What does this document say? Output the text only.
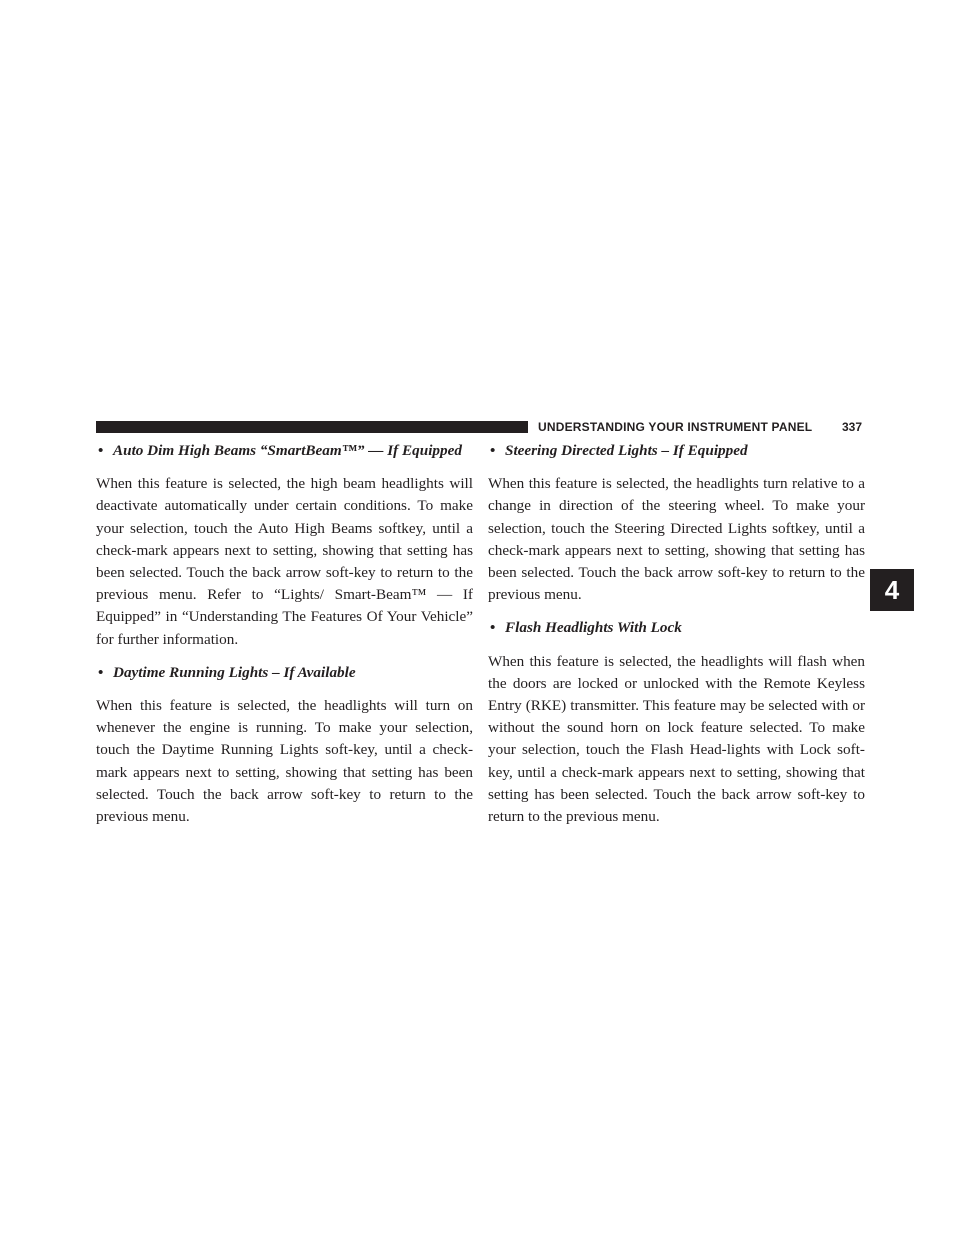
UNDERSTANDING YOUR INSTRUMENT PANEL 337
4
• Auto Dim High Beams “SmartBeam™” — If Equipped

When this feature is selected, the high beam headlights will deactivate automatically under certain conditions. To make your selection, touch the Auto High Beams softkey, until a check-mark appears next to setting, showing that setting has been selected. Touch the back arrow soft-key to return to the previous menu. Refer to “Lights/ Smart-Beam™ — If Equipped” in “Understanding The Features Of Your Vehicle” for further information.

• Daytime Running Lights – If Available

When this feature is selected, the headlights will turn on whenever the engine is running. To make your selection, touch the Daytime Running Lights soft-key, until a check-mark appears next to setting, showing that setting has been selected. Touch the back arrow soft-key to return to the previous menu.

• Steering Directed Lights – If Equipped

When this feature is selected, the headlights turn relative to a change in direction of the steering wheel. To make your selection, touch the Steering Directed Lights softkey, until a check-mark appears next to setting, showing that setting has been selected. Touch the back arrow soft-key to return to the previous menu.

• Flash Headlights With Lock

When this feature is selected, the headlights will flash when the doors are locked or unlocked with the Remote Keyless Entry (RKE) transmitter. This feature may be selected with or without the sound horn on lock feature selected. To make your selection, touch the Flash Head-lights with Lock soft-key, until a check-mark appears next to setting, showing that setting has been selected. Touch the back arrow soft-key to return to the previous menu.
